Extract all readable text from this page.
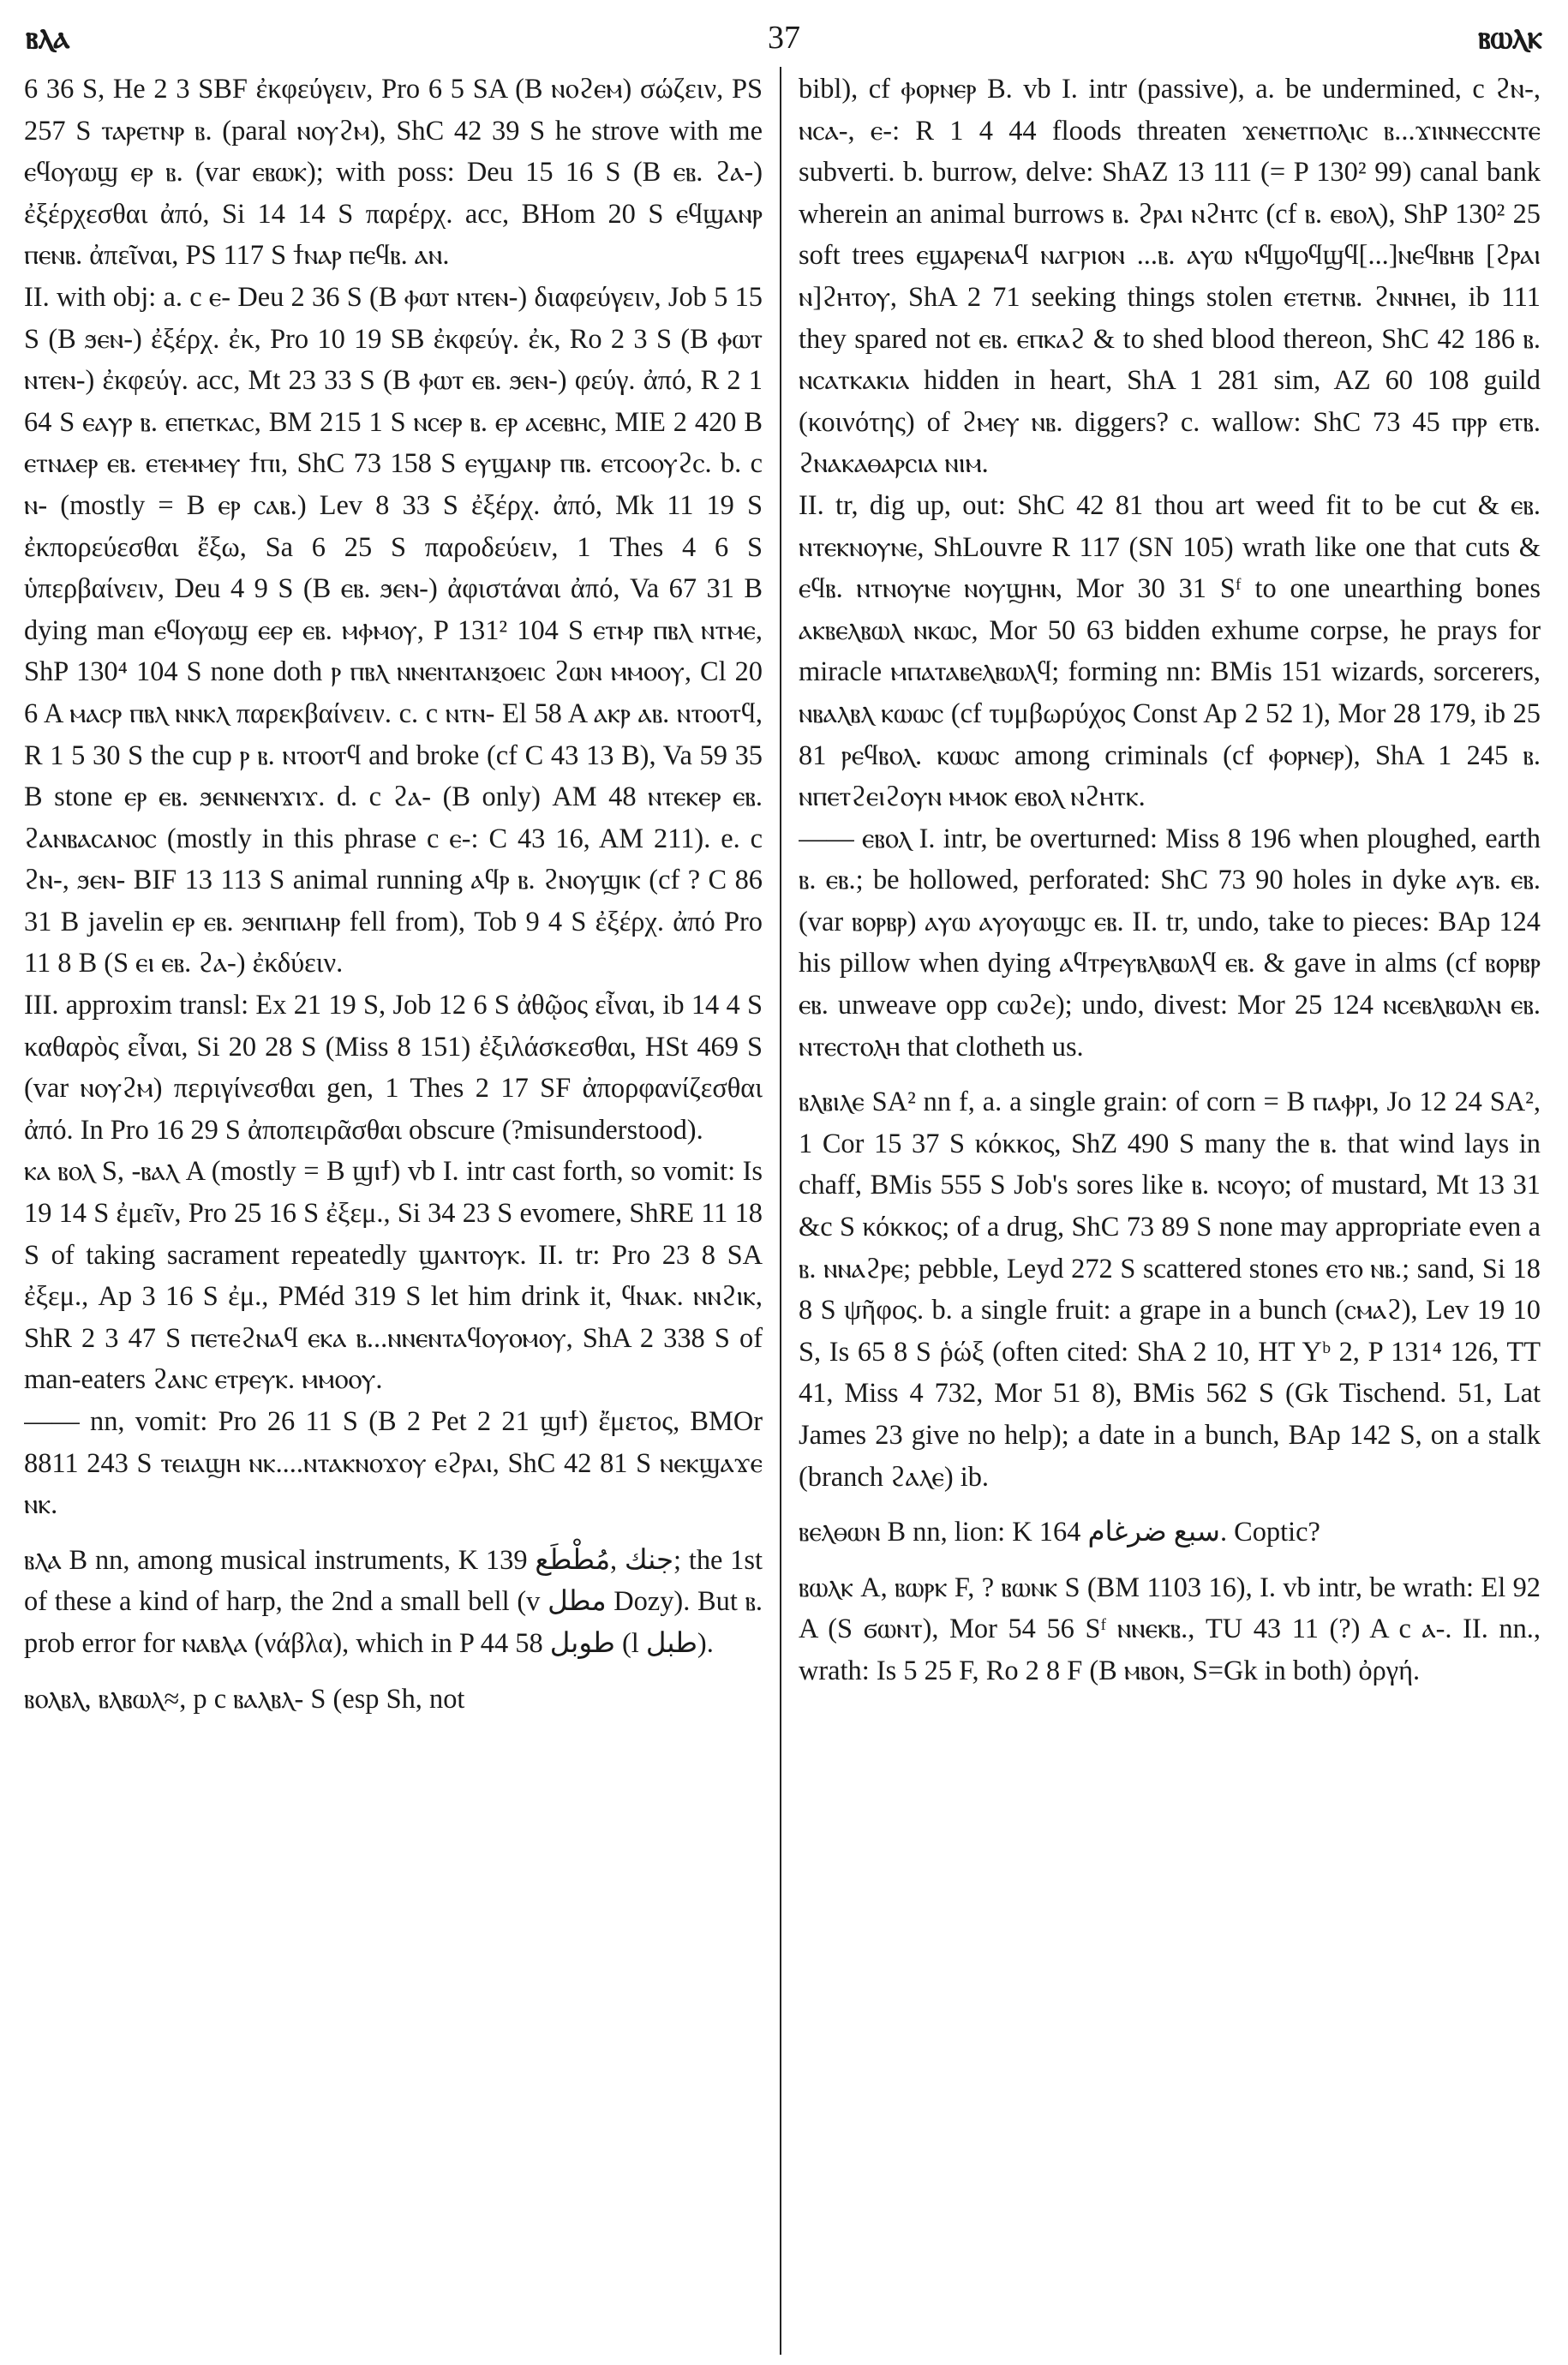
ⲃⲗⲁ	37	ⲃⲱⲗⲕ

6 36 S, He 2 3 SBF ἐκφεύγειν, Pro 6 5 SA (B ⲛⲟϩⲉⲙ) σώζειν, PS 257 S ⲧⲁⲣⲉⲧⲛⲣ ⲃ. (paral ⲛⲟⲩϩⲙ), ShC 42 39 S he strove with me ⲉϥⲟⲩⲱϣ ⲉⲣ ⲃ. (var ⲉⲃⲱⲕ); with poss: Deu 15 16 S (B ⲉⲃ. ϩⲁ-) ἐξέρχεσθαι ἀπό, Si 14 14 S παρέρχ. acc, BHom 20 S ⲉϥϣⲁⲛⲣ ⲡⲉⲛⲃ. ἀπεῖναι, PS 117 S ϯⲛⲁⲣ ⲡⲉϥⲃ. ⲁⲛ.

II. with obj: a. c ⲉ- Deu 2 36 S (B ⲫⲱⲧ ⲛⲧⲉⲛ-) διαφεύγειν, Job 5 15 S (B ϧⲉⲛ-) ἐξέρχ. ἐκ, Pro 10 19 SB ἐκφεύγ. ἐκ, Ro 2 3 S (B ⲫⲱⲧ ⲛⲧⲉⲛ-) ἐκφεύγ. acc, Mt 23 33 S (B ⲫⲱⲧ ⲉⲃ. ϧⲉⲛ-) φεύγ. ἀπό, R 2 1 64 S ⲉⲁⲩⲣ ⲃ. ⲉⲡⲉⲧⲕⲁⲥ, BM 215 1 S ⲛⲥⲉⲣ ⲃ. ⲉⲣ ⲁⲥⲉⲃⲏⲥ, MIE 2 420 B ⲉⲧⲛⲁⲉⲣ ⲉⲃ. ⲉⲧⲉⲙⲙⲉⲩ ϯⲡⲓ, ShC 73 158 S ⲉⲩϣⲁⲛⲣ ⲡⲃ. ⲉⲧⲥⲟⲟⲩϩⲥ. b. c ⲛ- (mostly = B ⲉⲣ ⲥⲁⲃ.) Lev 8 33 S ἐξέρχ. ἀπό, Mk 11 19 S ἐκπορεύεσθαι ἔξω, Sa 6 25 S παροδεύειν, 1 Thes 4 6 S ὑπερβαίνειν, Deu 4 9 S (B ⲉⲃ. ϧⲉⲛ-) ἀφιστάναι ἀπό, Va 67 31 B dying man ⲉϥⲟⲩⲱϣ ⲉⲉⲣ ⲉⲃ. ⲙⲫⲙⲟⲩ, P 131² 104 S ⲉⲧⲙⲣ ⲡⲃⲗ ⲛⲧⲙⲉ, ShP 130⁴ 104 S none doth ⲣ ⲡⲃⲗ ⲛⲛⲉⲛⲧⲁⲛⲝⲟⲉⲓⲥ ϩⲱⲛ ⲙⲙⲟⲟⲩ, Cl 20 6 A ⲙⲁⲥⲣ ⲡⲃⲗ ⲛⲛⲕⲗ παρεκβαίνειν. c. c ⲛⲧⲛ- El 58 A ⲁⲕⲣ ⲁⲃ. ⲛⲧⲟⲟⲧϥ, R 1 5 30 S the cup ⲣ ⲃ. ⲛⲧⲟⲟⲧϥ and broke (cf C 43 13 B), Va 59 35 B stone ⲉⲣ ⲉⲃ. ϧⲉⲛⲛⲉⲛϫⲓϫ. d. c ϩⲁ- (B only) AM 48 ⲛⲧⲉⲕⲉⲣ ⲉⲃ. ϩⲁⲛⲃⲁⲥⲁⲛⲟⲥ (mostly in this phrase c ⲉ-: C 43 16, AM 211). e. c ϩⲛ-, ϧⲉⲛ- BIF 13 113 S animal running ⲁϥⲣ ⲃ. ϩⲛⲟⲩϣⲓⲕ (cf ? C 86 31 B javelin ⲉⲣ ⲉⲃ. ϧⲉⲛⲡⲓⲁⲏⲣ fell from), Tob 9 4 S ἐξέρχ. ἀπό Pro 11 8 B (S ⲉⲓ ⲉⲃ. ϩⲁ-) ἐκδύειν.

III. approxim transl: Ex 21 19 S, Job 12 6 S ἀθῷος εἶναι, ib 14 4 S καθαρὸς εἶναι, Si 20 28 S (Miss 8 151) ἐξιλάσκεσθαι, HSt 469 S (var ⲛⲟⲩϩⲙ) περιγίνεσθαι gen, 1 Thes 2 17 SF ἀπορφανίζεσθαι ἀπό. In Pro 16 29 S ἀποπειρᾶσθαι obscure (?misunderstood).

ⲕⲁ ⲃⲟⲗ S, -ⲃⲁⲗ A (mostly = B ϣⲓϯ) vb I. intr cast forth, so vomit: Is 19 14 S ἐμεῖν, Pro 25 16 S ἐξεμ., Si 34 23 S evomere, ShRE 11 18 S of taking sacrament repeatedly ϣⲁⲛⲧⲟⲩⲕ. II. tr: Pro 23 8 SA ἐξεμ., Ap 3 16 S ἐμ., PMéd 319 S let him drink it, ϥⲛⲁⲕ. ⲛⲛϩⲓⲕ, ShR 2 3 47 S ⲡⲉⲧⲉϩⲛⲁϥ ⲉⲕⲁ ⲃ...ⲛⲛⲉⲛⲧⲁϥⲟⲩⲟⲙⲟⲩ, ShA 2 338 S of man-eaters ϩⲁⲛⲥ ⲉⲧⲣⲉⲩⲕ. ⲙⲙⲟⲟⲩ.

—— nn, vomit: Pro 26 11 S (B 2 Pet 2 21 ϣⲓϯ) ἔμετος, BMOr 8811 243 S ⲧⲉⲓⲁϣⲏ ⲛⲕ....ⲛⲧⲁⲕⲛⲟϫⲟⲩ ⲉϩⲣⲁⲓ, ShC 42 81 S ⲛⲉⲕϣⲁϫⲉ ⲛⲕ.

ⲃⲗⲁ B nn, among musical instruments, K 139 جنك ,مُطْطَع; the 1st of these a kind of harp, the 2nd a small bell (v مطل Dozy). But ⲃ. prob error for ⲛⲁⲃⲗⲁ (νάβλα), which in P 44 58 طوبل (l طبل).

ⲃⲟⲗⲃⲗ, ⲃⲗⲃⲱⲗ≈, p c ⲃⲁⲗⲃⲗ- S (esp Sh, not

bibl), cf ⲫⲟⲣⲛⲉⲣ B. vb I. intr (passive), a. be undermined, c ϩⲛ-, ⲛⲥⲁ-, ⲉ-: R 1 4 44 floods threaten ϫⲉⲛⲉⲧⲡⲟⲗⲓⲥ ⲃ...ϫⲓⲛⲛⲉⲥⲥⲛⲧⲉ subverti. b. burrow, delve: ShAZ 13 111 (= P 130² 99) canal bank wherein an animal burrows ⲃ. ϩⲣⲁⲓ ⲛϩⲏⲧⲥ (cf ⲃ. ⲉⲃⲟⲗ), ShP 130² 25 soft trees ⲉϣⲁⲣⲉⲛⲁϥ ⲛⲁⲅⲣⲓⲟⲛ ...ⲃ. ⲁⲩⲱ ⲛϥϣⲟϥϣϥ[...]ⲛⲉϥⲃⲏⲃ [ϩⲣⲁⲓ ⲛ]ϩⲏⲧⲟⲩ, ShA 2 71 seeking things stolen ⲉⲧⲉⲧⲛⲃ. ϩⲛⲛⲏⲉⲓ, ib 111 they spared not ⲉⲃ. ⲉⲡⲕⲁϩ & to shed blood thereon, ShC 42 186 ⲃ. ⲛⲥⲁⲧⲕⲁⲕⲓⲁ hidden in heart, ShA 1 281 sim, AZ 60 108 guild (κοινότης) of ϩⲙⲉⲩ ⲛⲃ. diggers? c. wallow: ShC 73 45 ⲡⲣⲣ ⲉⲧⲃ. ϩⲛⲁⲕⲁⲑⲁⲣⲥⲓⲁ ⲛⲓⲙ.

II. tr, dig up, out: ShC 42 81 thou art weed fit to be cut & ⲉⲃ. ⲛⲧⲉⲕⲛⲟⲩⲛⲉ, ShLouvre R 117 (SN 105) wrath like one that cuts & ⲉϥⲃ. ⲛⲧⲛⲟⲩⲛⲉ ⲛⲟⲩϣⲏⲛ, Mor 30 31 Sᶠ to one unearthing bones ⲁⲕⲃⲉⲗⲃⲱⲗ ⲛⲕⲱⲥ, Mor 50 63 bidden exhume corpse, he prays for miracle ⲙⲡⲁⲧⲁⲃⲉⲗⲃⲱⲗϥ; forming nn: BMis 151 wizards, sorcerers, ⲛⲃⲁⲗⲃⲗ ⲕⲱⲱⲥ (cf τυμβωρύχος Const Ap 2 52 1), Mor 28 179, ib 25 81 ⲣⲉϥⲃⲟⲗ. ⲕⲱⲱⲥ among criminals (cf ⲫⲟⲣⲛⲉⲣ), ShA 1 245 ⲃ. ⲛⲡⲉⲧϩⲉⲓϩⲟⲩⲛ ⲙⲙⲟⲕ ⲉⲃⲟⲗ ⲛϩⲏⲧⲕ.

—— ⲉⲃⲟⲗ I. intr, be overturned: Miss 8 196 when ploughed, earth ⲃ. ⲉⲃ.; be hollowed, perforated: ShC 73 90 holes in dyke ⲁⲩⲃ. ⲉⲃ. (var ⲃⲟⲣⲃⲣ) ⲁⲩⲱ ⲁⲩⲟⲩⲱϣⲥ ⲉⲃ. II. tr, undo, take to pieces: BAp 124 his pillow when dying ⲁϥⲧⲣⲉⲩⲃⲗⲃⲱⲗϥ ⲉⲃ. & gave in alms (cf ⲃⲟⲣⲃⲣ ⲉⲃ. unweave opp ⲥⲱϩⲉ); undo, divest: Mor 25 124 ⲛⲥⲉⲃⲗⲃⲱⲗⲛ ⲉⲃ. ⲛⲧⲉⲥⲧⲟⲗⲏ that clotheth us.

ⲃⲗⲃⲓⲗⲉ SA² nn f, a. a single grain: of corn = B ⲡⲁⲫⲣⲓ, Jo 12 24 SA², 1 Cor 15 37 S κόκκος, ShZ 490 S many the ⲃ. that wind lays in chaff, BMis 555 S Job's sores like ⲃ. ⲛⲥⲟⲩⲟ; of mustard, Mt 13 31 &c S κόκκος; of a drug, ShC 73 89 S none may appropriate even a ⲃ. ⲛⲛⲁϩⲣⲉ; pebble, Leyd 272 S scattered stones ⲉⲧⲟ ⲛⲃ.; sand, Si 18 8 S ψῆφος. b. a single fruit: a grape in a bunch (ⲥⲙⲁϩ), Lev 19 10 S, Is 65 8 S ῥώξ (often cited: ShA 2 10, HT Yᵇ 2, P 131⁴ 126, TT 41, Miss 4 732, Mor 51 8), BMis 562 S (Gk Tischend. 51, Lat James 23 give no help); a date in a bunch, BAp 142 S, on a stalk (branch ϩⲁⲗⲉ) ib.

ⲃⲉⲗⲑⲱⲛ B nn, lion: K 164 سبع ضرغام. Coptic?

ⲃⲱⲗⲕ A, ⲃⲱⲣⲕ F, ? ⲃⲱⲛⲕ S (BM 1103 16), I. vb intr, be wrath: El 92 A (S ϭⲱⲛⲧ), Mor 54 56 Sᶠ ⲛⲛⲉⲕⲃ., TU 43 11 (?) A c ⲁ-. II. nn., wrath: Is 5 25 F, Ro 2 8 F (B ⲙⲃⲟⲛ, S=Gk in both) ὀργή.
